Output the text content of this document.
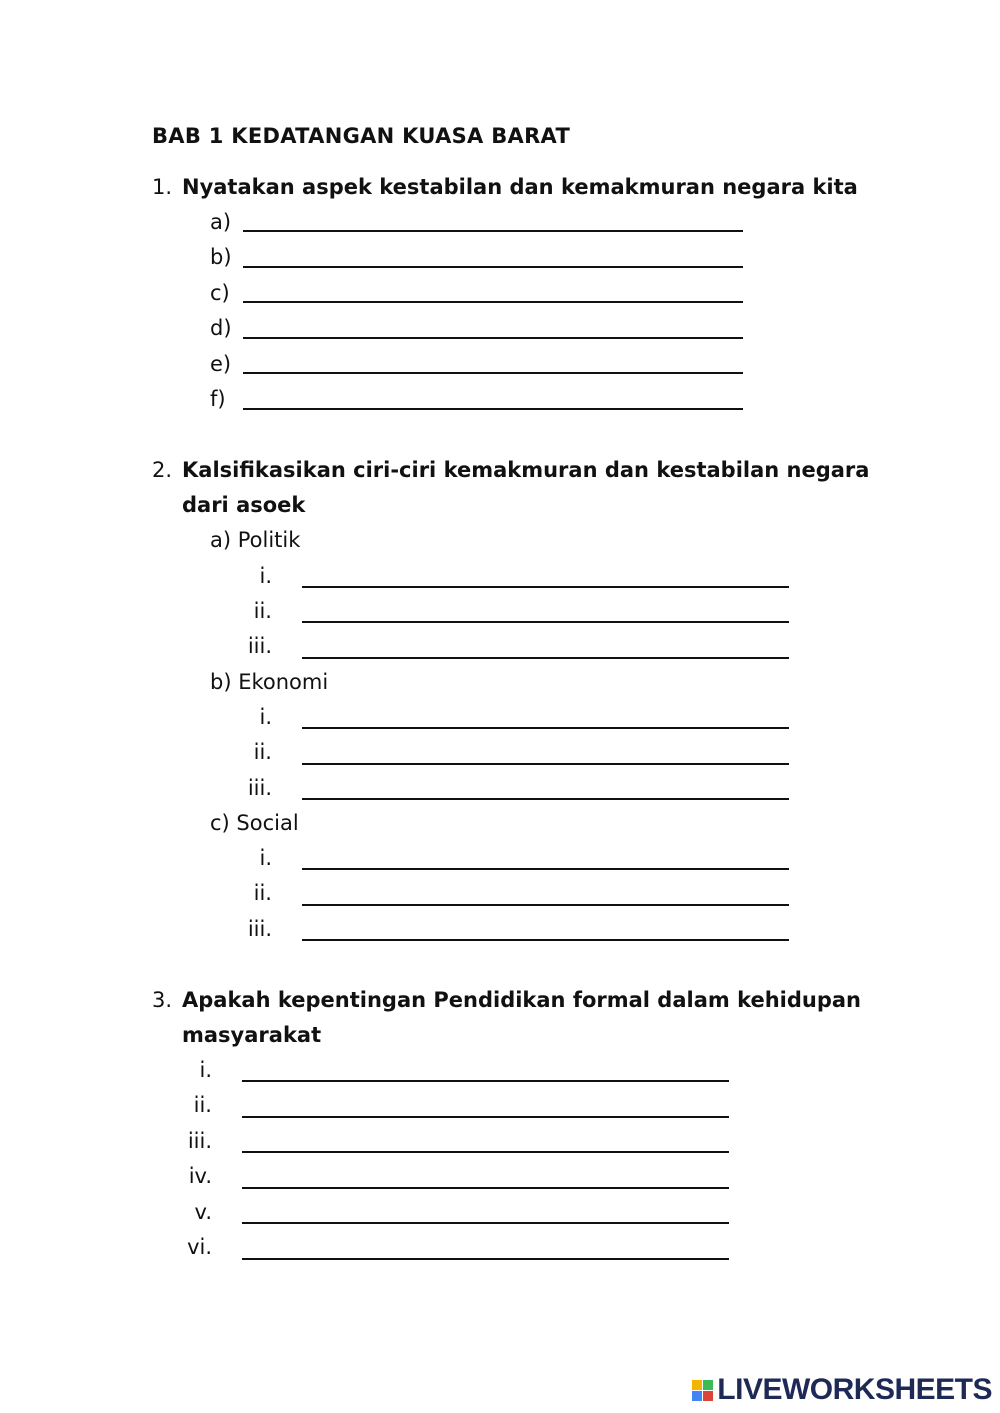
BAB 1 KEDATANGAN KUASA BARAT
1. Nyatakan aspek kestabilan dan kemakmuran negara kita
a)
b)
c)
d)
e)
f)
2. Kalsifikasikan ciri-ciri kemakmuran dan kestabilan negara
dari asoek
a) Politik
i.
ii.
iii.
b) Ekonomi
i.
ii.
iii.
c) Social
i.
ii.
iii.
3. Apakah kepentingan Pendidikan formal dalam kehidupan
masyarakat
i.
ii.
iii.
iv.
v.
vi.
LIVEWORKSHEETS
